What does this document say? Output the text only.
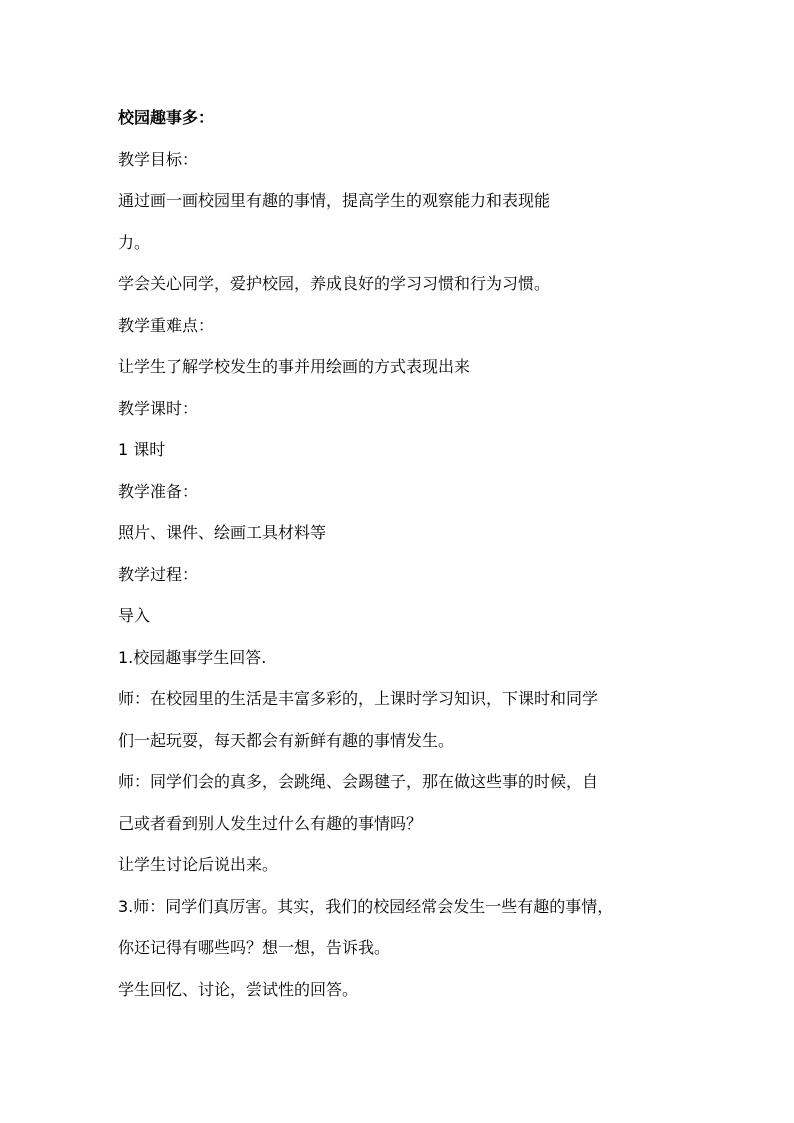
校园趣事多：
教学目标：
通过画一画校园里有趣的事情，提高学生的观察能力和表现能
力。
学会关心同学，爱护校园，养成良好的学习习惯和行为习惯。
教学重难点：
让学生了解学校发生的事并用绘画的方式表现出来
教学课时：
1 课时
教学准备：
照片、课件、绘画工具材料等
教学过程：
导入
1.校园趣事学生回答.
师：在校园里的生活是丰富多彩的，上课时学习知识，下课时和同学
们一起玩耍，每天都会有新鲜有趣的事情发生。
师：同学们会的真多，会跳绳、会踢毽子，那在做这些事的时候，自
己或者看到别人发生过什么有趣的事情吗？
让学生讨论后说出来。
3.师：同学们真厉害。其实，我们的校园经常会发生一些有趣的事情，
你还记得有哪些吗？想一想，告诉我。
学生回忆、讨论，尝试性的回答。
